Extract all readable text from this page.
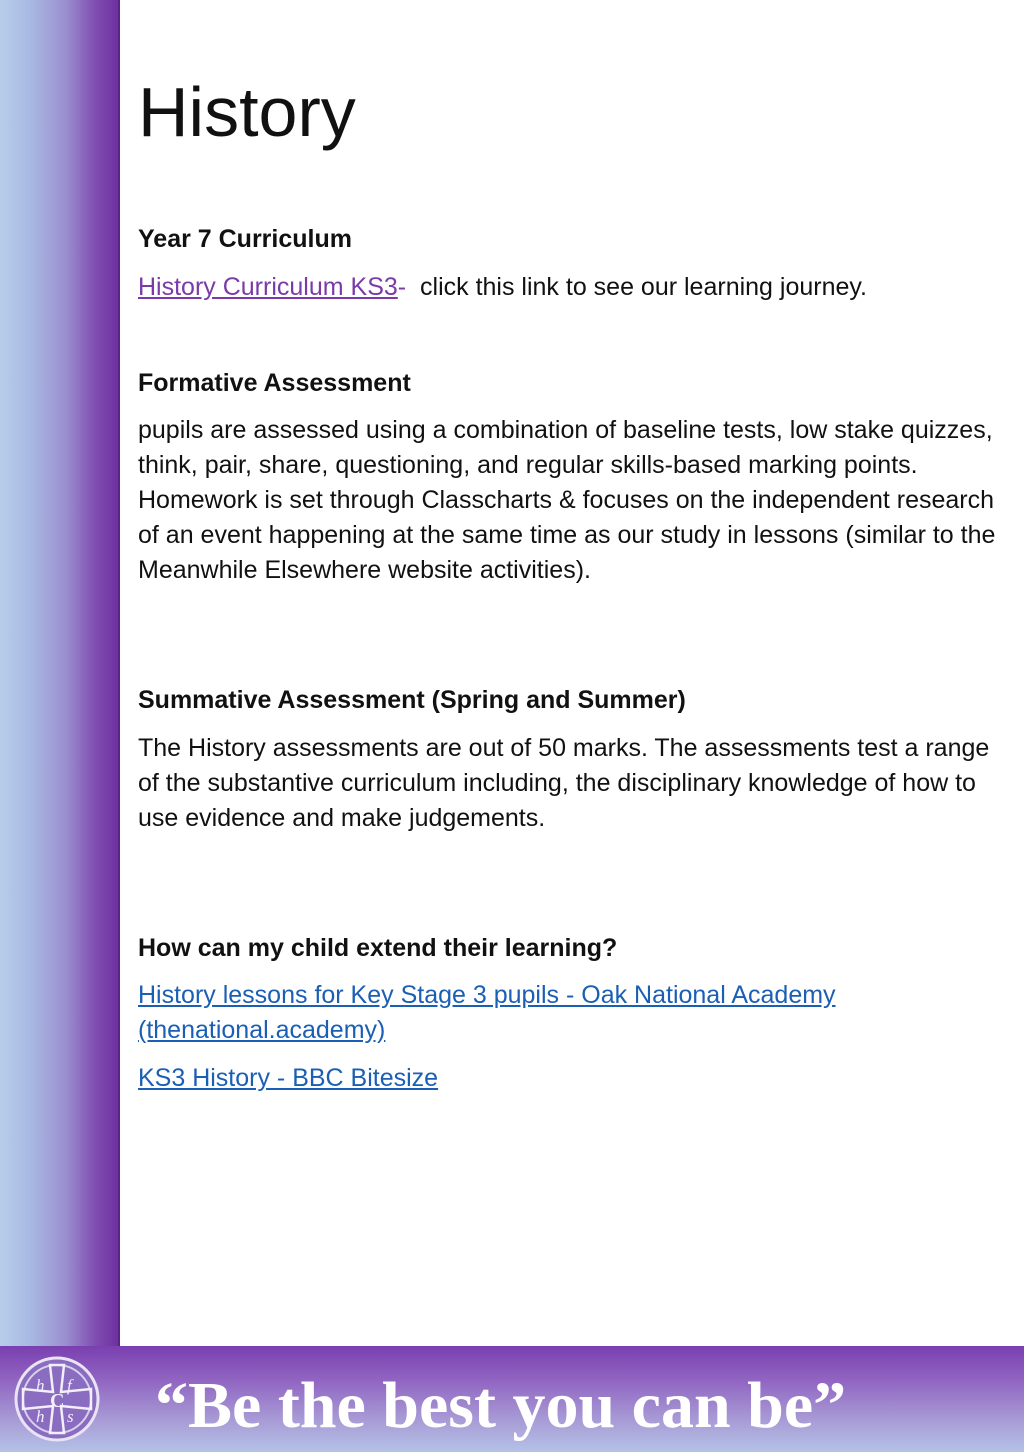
History
Year 7 Curriculum

History Curriculum KS3- click this link to see our learning journey.

Formative Assessment

pupils are assessed using a combination of baseline tests, low stake quizzes, think, pair, share, questioning, and regular skills-based marking points. Homework is set through Classcharts & focuses on the independent research of an event happening at the same time as our study in lessons (similar to the Meanwhile Elsewhere website activities).

Summative Assessment (Spring and Summer)

The History assessments are out of 50 marks. The assessments test a range of the substantive curriculum including, the disciplinary knowledge of how to use evidence and make judgements.

How can my child extend their learning?

History lessons for Key Stage 3 pupils - Oak National Academy (thenational.academy)

KS3 History - BBC Bitesize

h f
h s
C “Be the best you can be”
